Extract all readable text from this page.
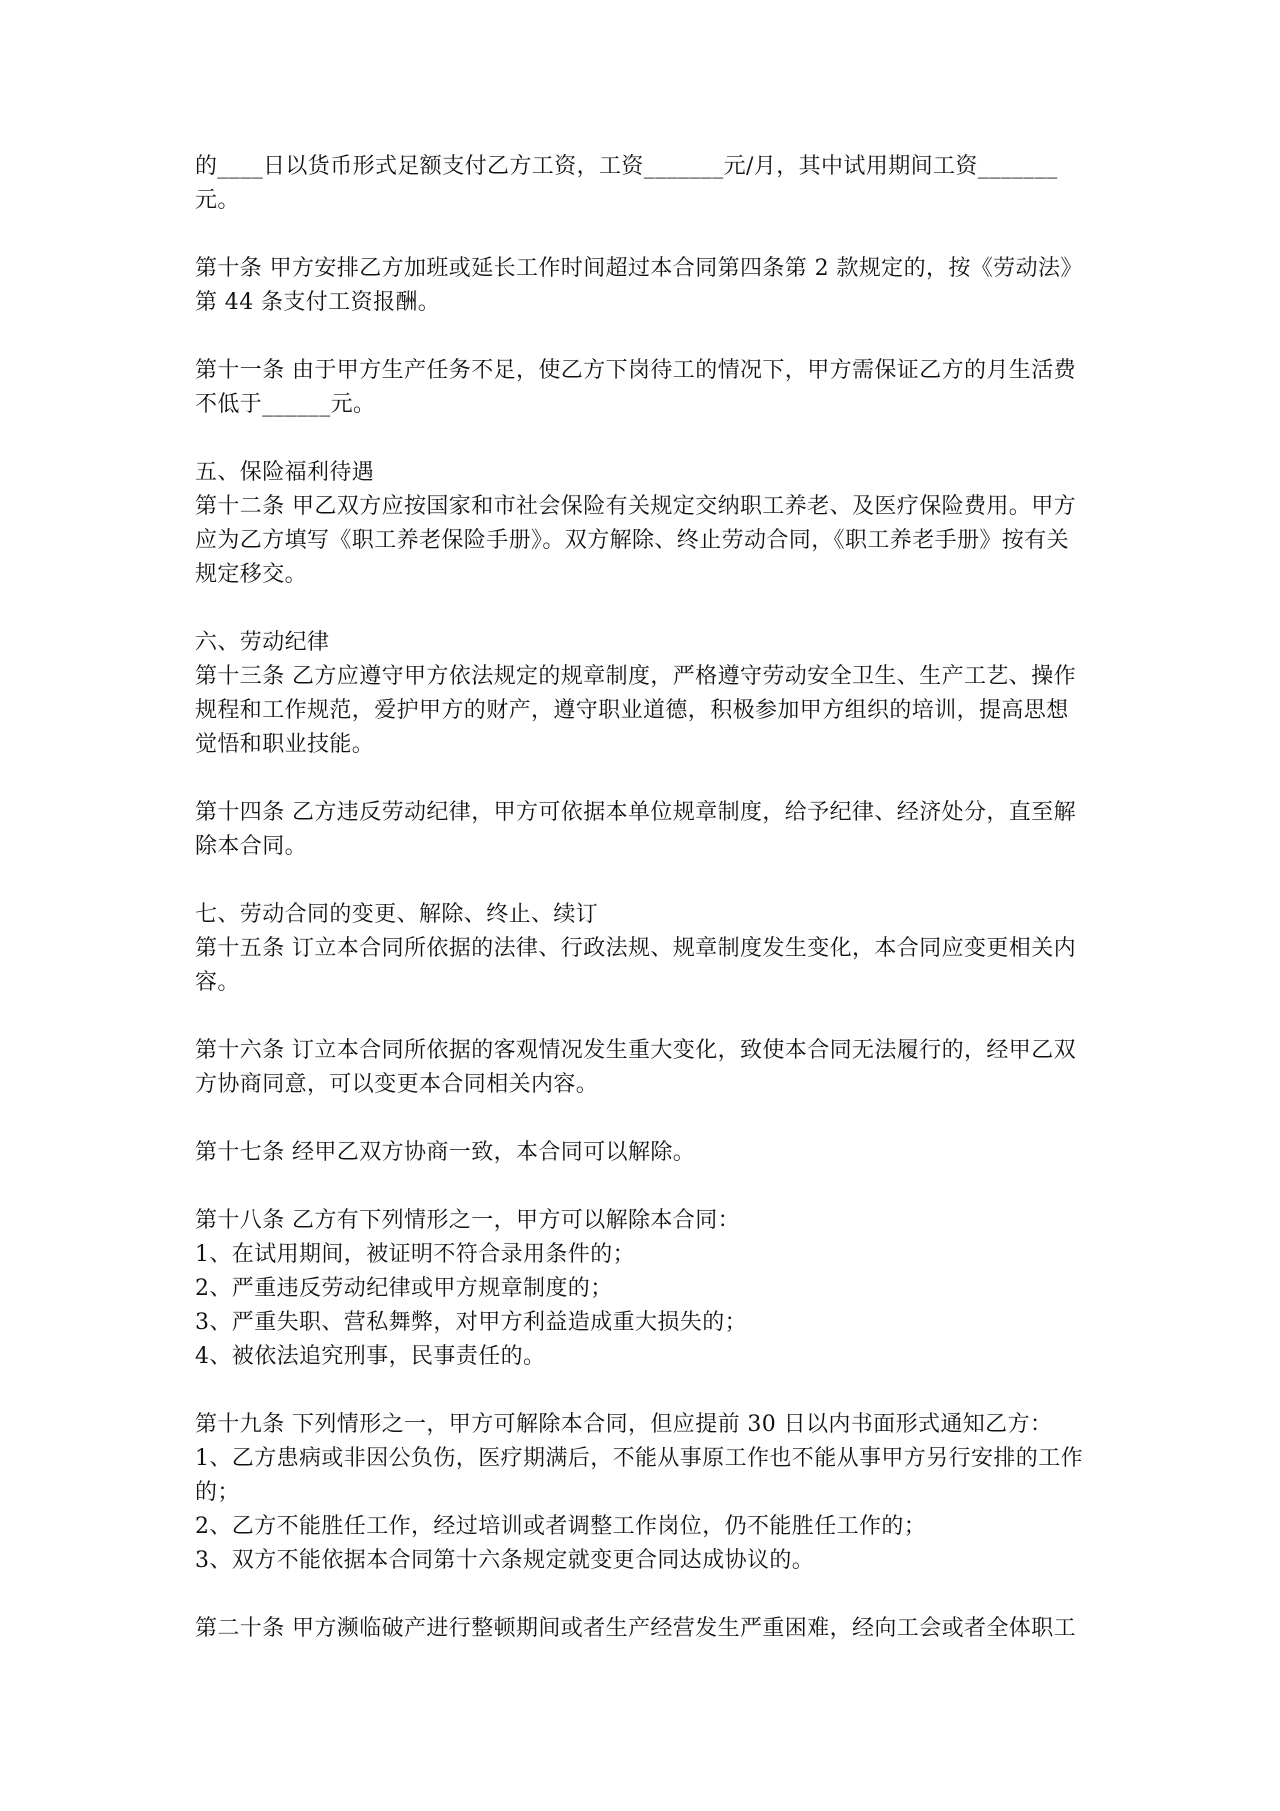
的____日以货币形式足额支付乙方工资，工资_______元/月，其中试用期间工资_______
元。
第十条 甲方安排乙方加班或延长工作时间超过本合同第四条第 2 款规定的，按《劳动法》
第 44 条支付工资报酬。
第十一条 由于甲方生产任务不足，使乙方下岗待工的情况下，甲方需保证乙方的月生活费
不低于______元。
五、保险福利待遇
第十二条 甲乙双方应按国家和市社会保险有关规定交纳职工养老、及医疗保险费用。甲方
应为乙方填写《职工养老保险手册》。双方解除、终止劳动合同，《职工养老手册》按有关
规定移交。
六、劳动纪律
第十三条 乙方应遵守甲方依法规定的规章制度，严格遵守劳动安全卫生、生产工艺、操作
规程和工作规范，爱护甲方的财产，遵守职业道德，积极参加甲方组织的培训，提高思想
觉悟和职业技能。
第十四条 乙方违反劳动纪律，甲方可依据本单位规章制度，给予纪律、经济处分，直至解
除本合同。
七、劳动合同的变更、解除、终止、续订
第十五条 订立本合同所依据的法律、行政法规、规章制度发生变化，本合同应变更相关内
容。
第十六条 订立本合同所依据的客观情况发生重大变化，致使本合同无法履行的，经甲乙双
方协商同意，可以变更本合同相关内容。
第十七条 经甲乙双方协商一致，本合同可以解除。
第十八条 乙方有下列情形之一，甲方可以解除本合同：
1、在试用期间，被证明不符合录用条件的；
2、严重违反劳动纪律或甲方规章制度的；
3、严重失职、营私舞弊，对甲方利益造成重大损失的；
4、被依法追究刑事，民事责任的。
第十九条 下列情形之一，甲方可解除本合同，但应提前 30 日以内书面形式通知乙方：
1、乙方患病或非因公负伤，医疗期满后，不能从事原工作也不能从事甲方另行安排的工作
的；
2、乙方不能胜任工作，经过培训或者调整工作岗位，仍不能胜任工作的；
3、双方不能依据本合同第十六条规定就变更合同达成协议的。
第二十条 甲方濒临破产进行整顿期间或者生产经营发生严重困难，经向工会或者全体职工
